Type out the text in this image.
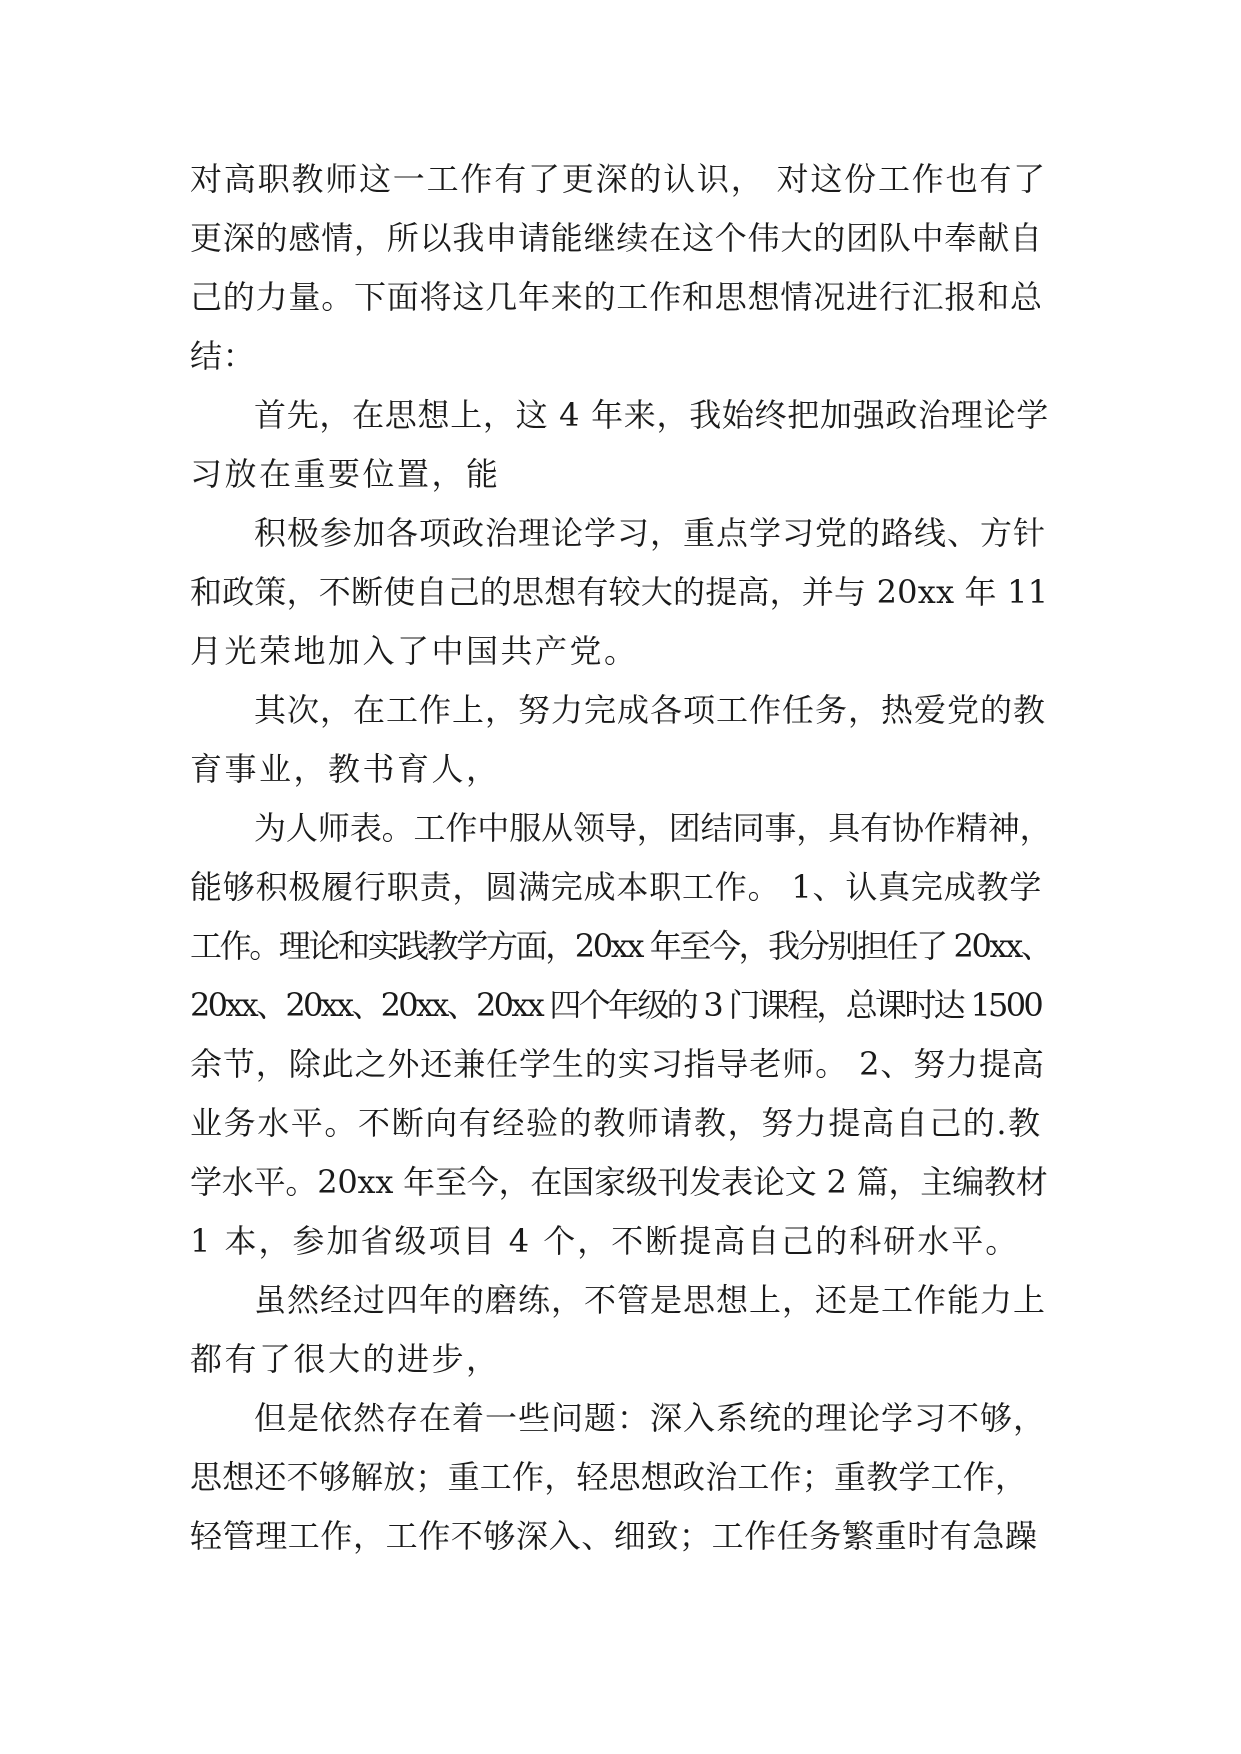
对高职教师这一工作有了更深的认识， 对这份工作也有了
更深的感情，所以我申请能继续在这个伟大的团队中奉献自
己的力量。下面将这几年来的工作和思想情况进行汇报和总
结：
首先，在思想上，这 4 年来，我始终把加强政治理论学
习放在重要位置，能
积极参加各项政治理论学习，重点学习党的路线、方针
和政策，不断使自己的思想有较大的提高，并与 20xx 年 11
月光荣地加入了中国共产党。
其次，在工作上，努力完成各项工作任务，热爱党的教
育事业，教书育人，
为人师表。工作中服从领导，团结同事，具有协作精神，
能够积极履行职责，圆满完成本职工作。 1、认真完成教学
工作。理论和实践教学方面，20xx 年至今，我分别担任了 20xx、
20xx、20xx、20xx、20xx 四个年级的 3 门课程，总课时达 1500
余节，除此之外还兼任学生的实习指导老师。 2、努力提高
业务水平。不断向有经验的教师请教，努力提高自己的.教
学水平。20xx 年至今，在国家级刊发表论文 2 篇，主编教材
1 本，参加省级项目 4 个，不断提高自己的科研水平。
虽然经过四年的磨练，不管是思想上，还是工作能力上
都有了很大的进步，
但是依然存在着一些问题：深入系统的理论学习不够，
思想还不够解放；重工作，轻思想政治工作；重教学工作，
轻管理工作，工作不够深入、细致；工作任务繁重时有急躁
